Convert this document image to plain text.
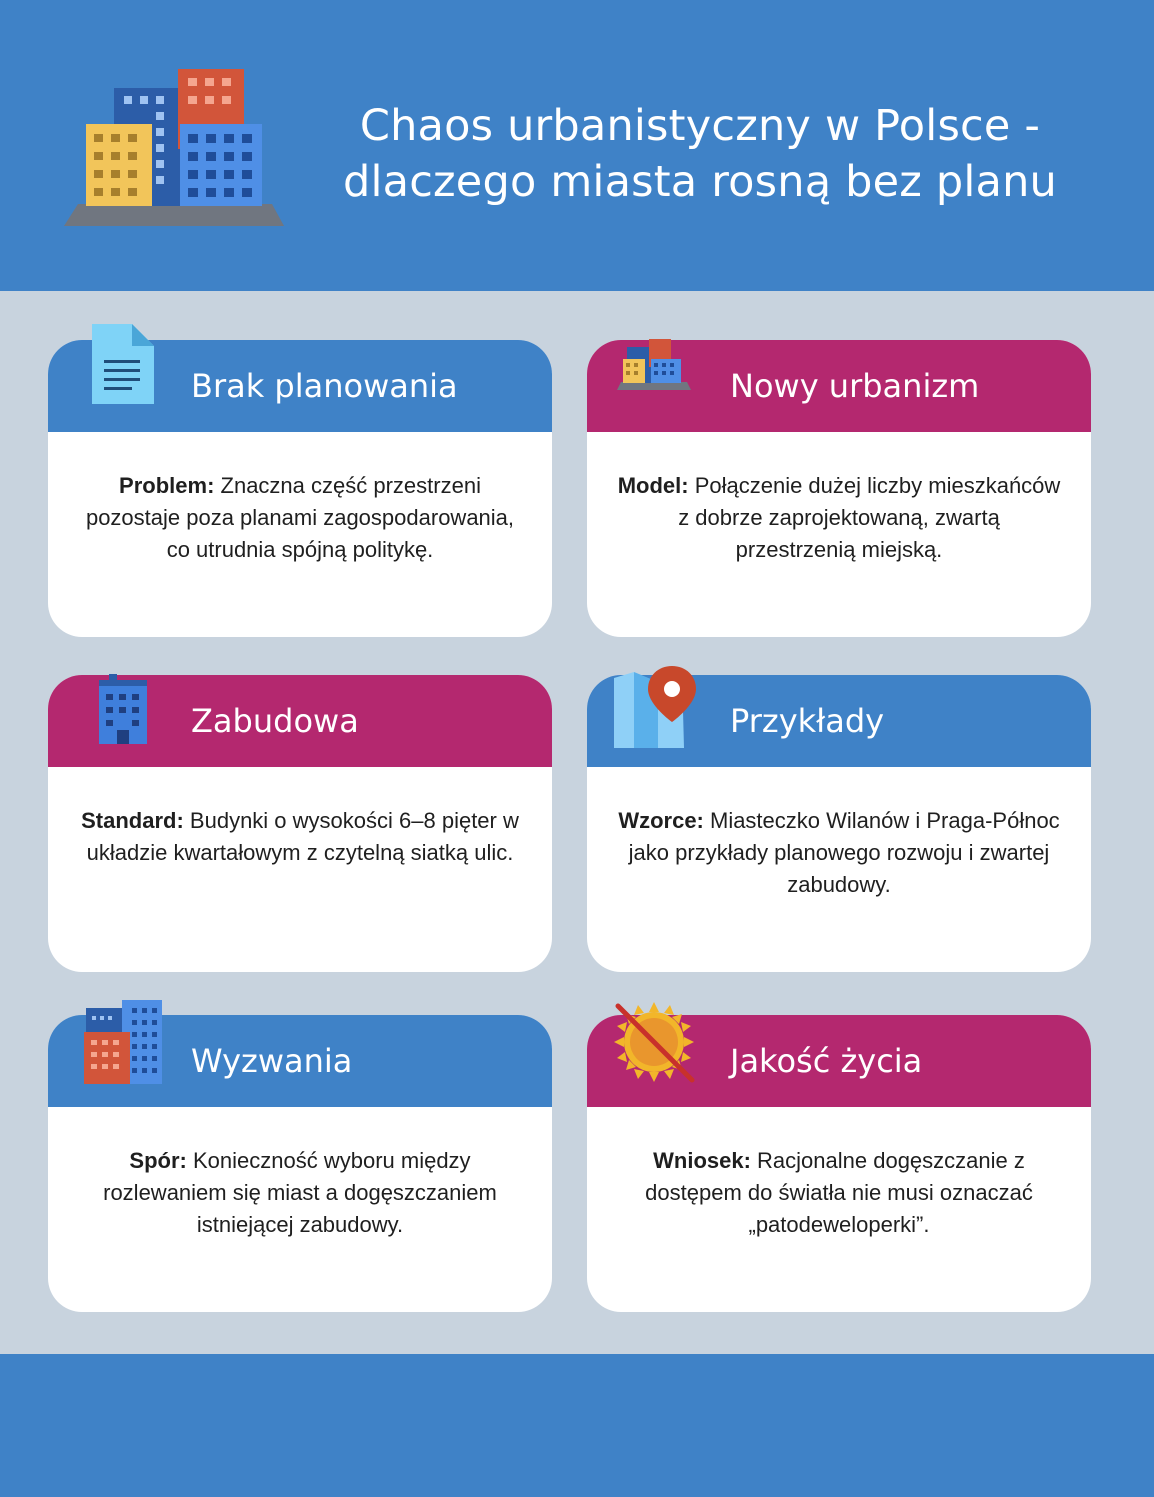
Chaos urbanistyczny w Polsce -
dlaczego miasta rosną bez planu
Brak planowania
Problem: Znaczna część przestrzeni pozostaje poza planami zagospodarowania, co utrudnia spójną politykę.
Nowy urbanizm
Model: Połączenie dużej liczby mieszkańców z dobrze zaprojektowaną, zwartą przestrzenią miejską.
Zabudowa
Standard: Budynki o wysokości 6–8 pięter w układzie kwartałowym z czytelną siatką ulic.
Przykłady
Wzorce: Miasteczko Wilanów i Praga-Północ jako przykłady planowego rozwoju i zwartej zabudowy.
Wyzwania
Spór: Konieczność wyboru między rozlewaniem się miast a dogęszczaniem istniejącej zabudowy.
Jakość życia
Wniosek: Racjonalne dogęszczanie z dostępem do światła nie musi oznaczać „patodeweloperki”.
